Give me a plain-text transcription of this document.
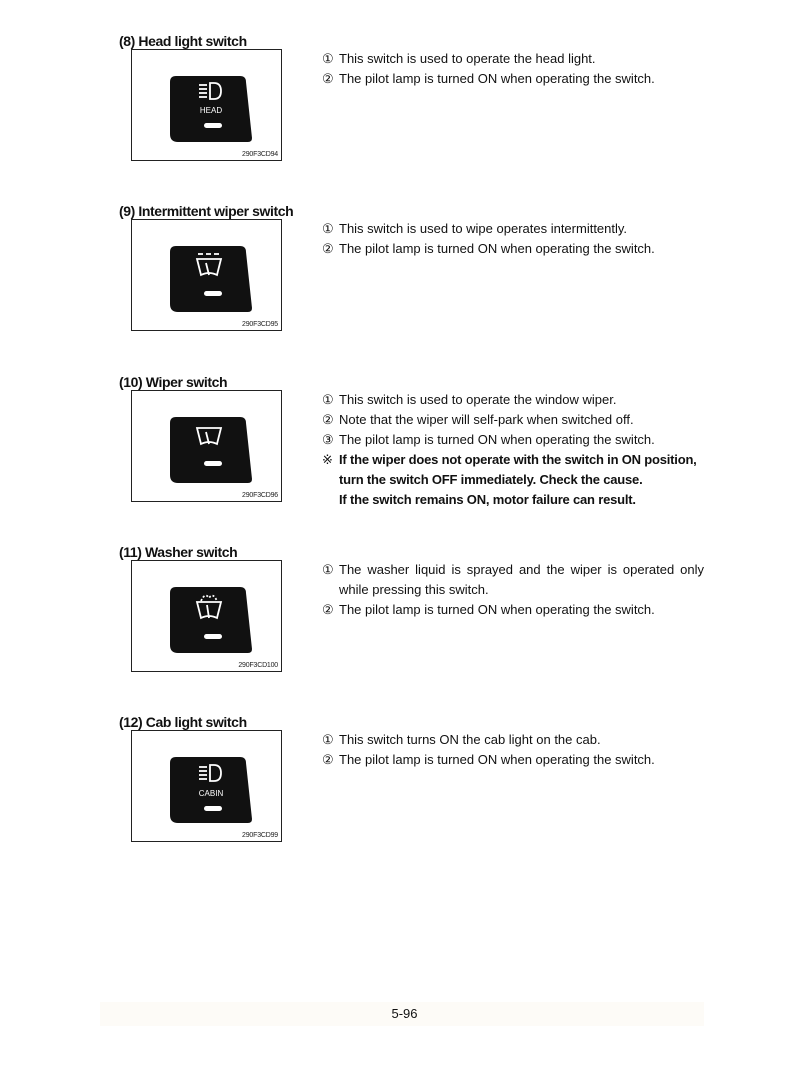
(8) Head light switch
HEAD
290F3CD94
① This switch is used to operate the head light.
② The pilot lamp is turned ON when operating the switch.
(9) Intermittent wiper switch
290F3CD95
① This switch is used to wipe operates intermittently.
② The pilot lamp is turned ON when operating the switch.
(10) Wiper switch
290F3CD96
① This switch is used to operate the window wiper.
② Note that the wiper will self-park when switched off.
③ The pilot lamp is turned ON when operating the switch.
※ If the wiper does not operate with the switch in ON position,
turn the switch OFF immediately. Check the cause.
If the switch remains ON, motor failure can result.
(11) Washer switch
290F3CD100
① The washer liquid is sprayed and the wiper is operated only while pressing this switch.
② The pilot lamp is turned ON when operating the switch.
(12) Cab light switch
CABIN
290F3CD99
① This switch turns ON the cab light on the cab.
② The pilot lamp is turned ON when operating the switch.
5-96
